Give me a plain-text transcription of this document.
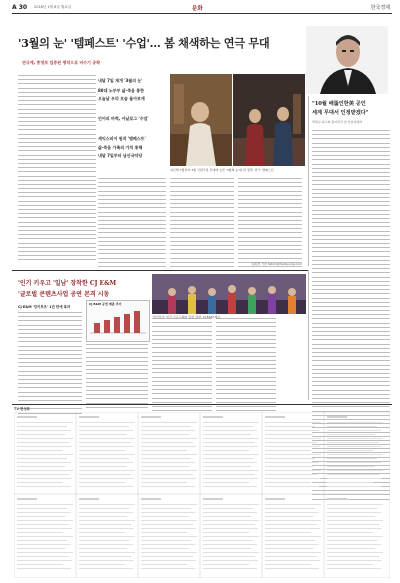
A 30 2018년 1월 8일 월요일	문화	한국경제
'3월의 눈' '템페스트' '수업'… 봄 채색하는 연극 무대
연극계, 종영보 입증된 명작으로 비수기 공략
내달 7일 재개 '3월의 눈'
80대 노부부 삶·죽음 통한
오늘날 우리 모습 돌아보게
언어의 마력, 아날로그 '수업'
세익스피어 원작 '템페스트'
삶·죽음 가족의 가치 통해
내달 7일부터 남산국악당
지난해 7월부터 3월 국립극장 무대에 오른 '3월의 눈'의 한 장면. 연극 '템페스트'
김희경 기자 hkkim@hankyung.com
"10월 배뚫인한美 공인
세계 무대서 인정받겠다"
박명성 최고화 충지반적 참 상임지배자
'인기 키우고 '일남' 장착한 CJ E&M
'글로벌 콘텐츠사업 공연 본격 시동
CJ E&M '킹키부츠' 1년 만에 흑자
CJ E&M 공연 매출 추이
'킹키부츠' 미국 브로드웨이 공연 장면. CJ E&M 제공
TV 편성표
